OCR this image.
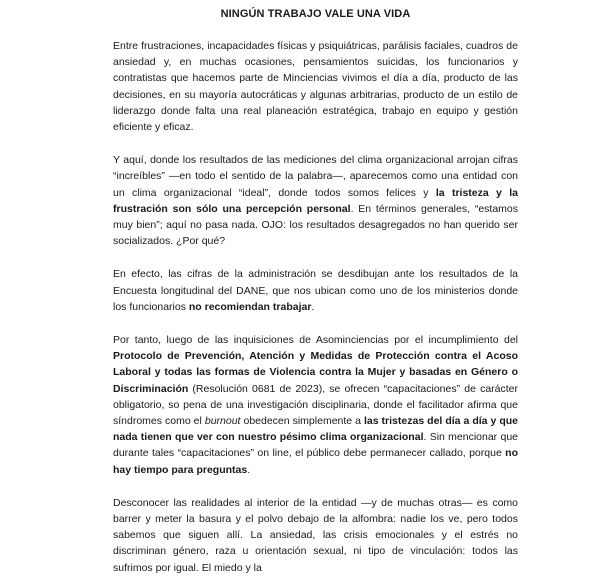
NINGÚN TRABAJO VALE UNA VIDA

Entre frustraciones, incapacidades físicas y psiquiátricas, parálisis faciales, cuadros de ansiedad y, en muchas ocasiones, pensamientos suicidas, los funcionarios y contratistas que hacemos parte de Minciencias vivimos el día a día, producto de las decisiones, en su mayoría autocráticas y algunas arbitrarias, producto de un estilo de liderazgo donde falta una real planeación estratégica, trabajo en equipo y gestión eficiente y eficaz.

Y aquí, donde los resultados de las mediciones del clima organizacional arrojan cifras “increíbles” —en todo el sentido de la palabra—, aparecemos como una entidad con un clima organizacional “ideal”, donde todos somos felices y la tristeza y la frustración son sólo una percepción personal. En términos generales, “estamos muy bien”; aquí no pasa nada. OJO: los resultados desagregados no han querido ser socializados. ¿Por qué?

En efecto, las cifras de la administración se desdibujan ante los resultados de la Encuesta longitudinal del DANE, que nos ubican como uno de los ministerios donde los funcionarios no recomiendan trabajar.

Por tanto, luego de las inquisiciones de Asominciencias por el incumplimiento del Protocolo de Prevención, Atención y Medidas de Protección contra el Acoso Laboral y todas las formas de Violencia contra la Mujer y basadas en Género o Discriminación (Resolución 0681 de 2023), se ofrecen “capacitaciones” de carácter obligatorio, so pena de una investigación disciplinaria, donde el facilitador afirma que síndromes como el burnout obedecen simplemente a las tristezas del día a día y que nada tienen que ver con nuestro pésimo clima organizacional. Sin mencionar que durante tales “capacitaciones” on line, el público debe permanecer callado, porque no hay tiempo para preguntas.

Desconocer las realidades al interior de la entidad —y de muchas otras— es como barrer y meter la basura y el polvo debajo de la alfombra: nadie los ve, pero todos sabemos que siguen allí. La ansiedad, las crisis emocionales y el estrés no discriminan género, raza u orientación sexual, ni tipo de vinculación: todos las sufrimos por igual. El miedo y la
